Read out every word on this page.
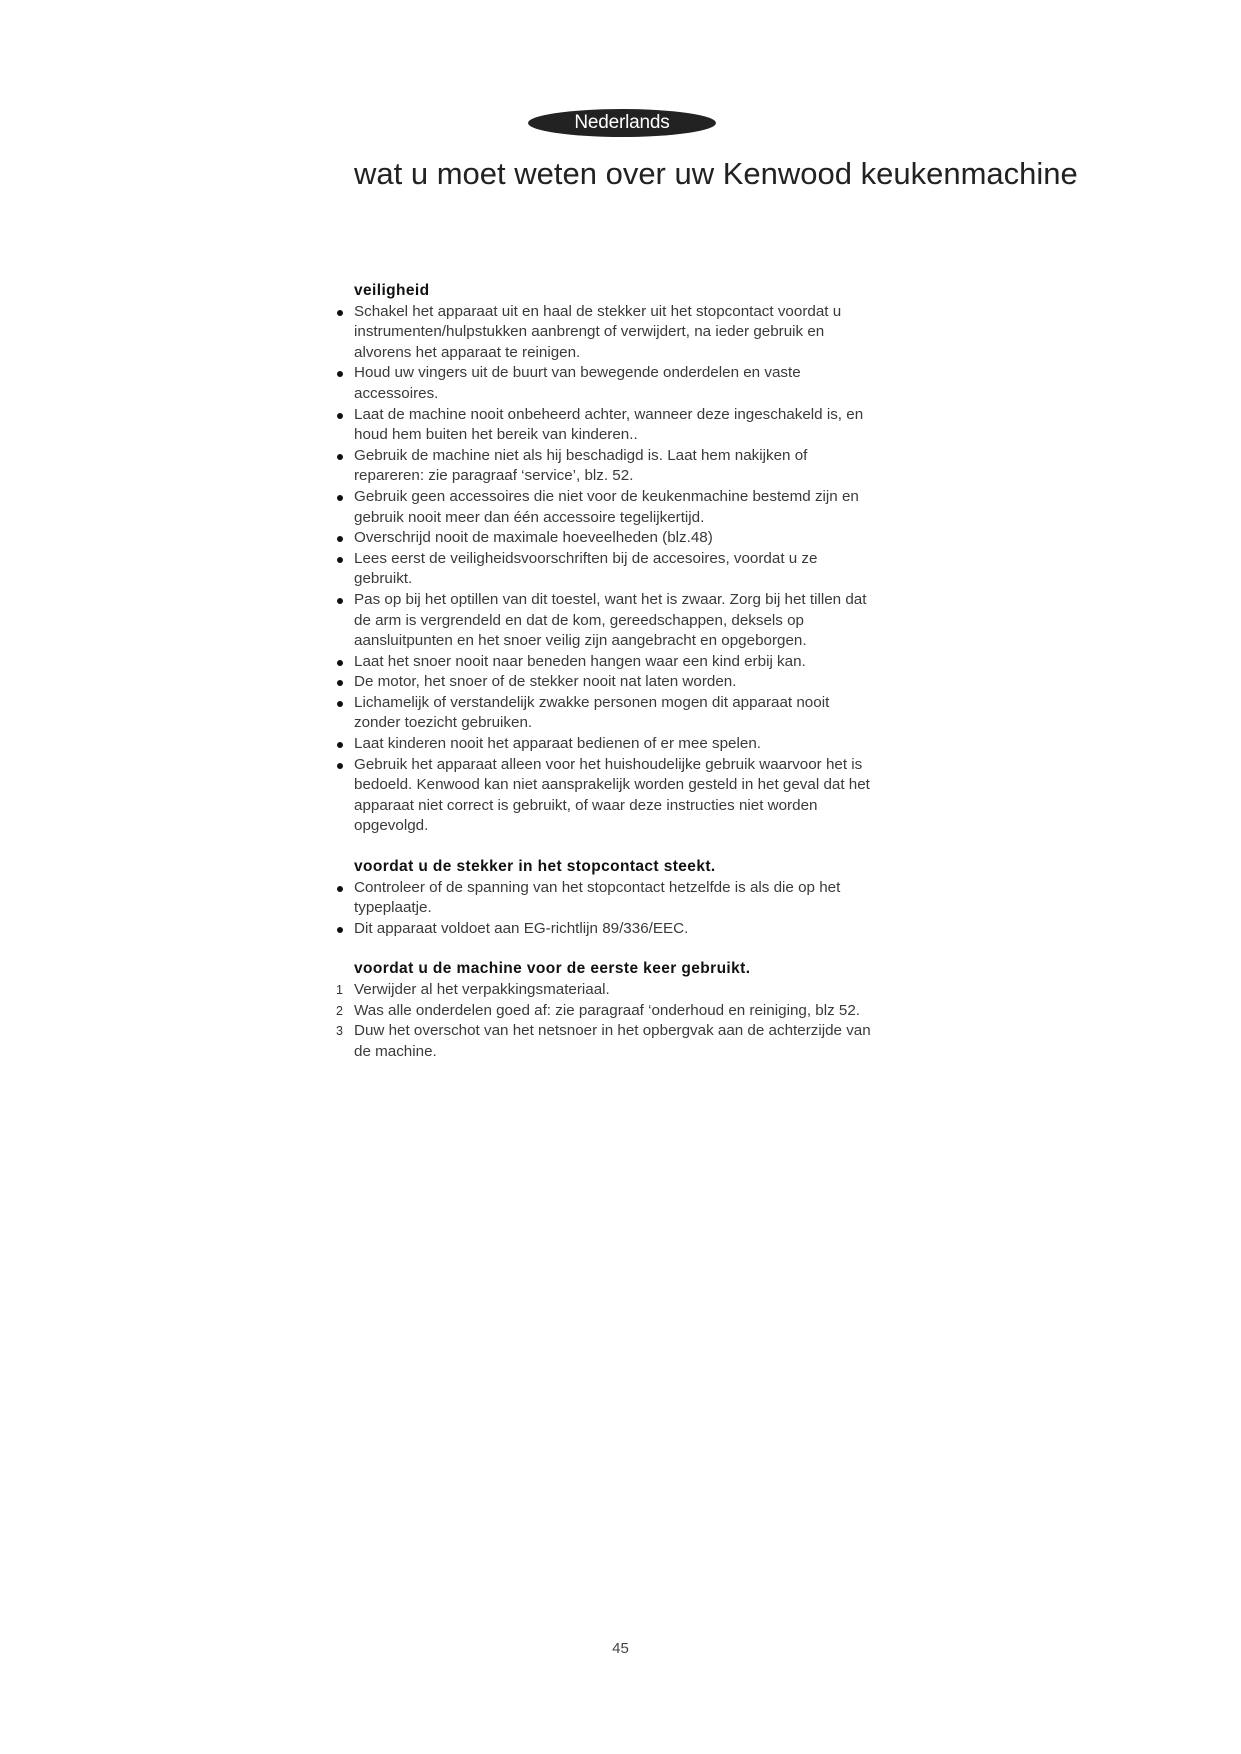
Nederlands
wat u moet weten over uw Kenwood keukenmachine
veiligheid
Schakel het apparaat uit en haal de stekker uit het stopcontact voordat u instrumenten/hulpstukken aanbrengt of verwijdert, na ieder gebruik en alvorens het apparaat te reinigen.
Houd uw vingers uit de buurt van bewegende onderdelen en vaste accessoires.
Laat de machine nooit onbeheerd achter, wanneer deze ingeschakeld is, en houd hem buiten het bereik van kinderen..
Gebruik de machine niet als hij beschadigd is. Laat hem nakijken of repareren: zie paragraaf ‘service’, blz. 52.
Gebruik geen accessoires die niet voor de keukenmachine bestemd zijn en gebruik nooit meer dan één accessoire tegelijkertijd.
Overschrijd nooit de maximale hoeveelheden (blz.48)
Lees eerst de veiligheidsvoorschriften bij de accesoires, voordat u ze gebruikt.
Pas op bij het optillen van dit toestel, want het is zwaar. Zorg bij het tillen dat de arm is vergrendeld en dat de kom, gereedschappen, deksels op aansluitpunten en het snoer veilig zijn aangebracht en opgeborgen.
Laat het snoer nooit naar beneden hangen waar een kind erbij kan.
De motor, het snoer of de stekker nooit nat laten worden.
Lichamelijk of verstandelijk zwakke personen mogen dit apparaat nooit zonder toezicht gebruiken.
Laat kinderen nooit het apparaat bedienen of er mee spelen.
Gebruik het apparaat alleen voor het huishoudelijke gebruik waarvoor het is bedoeld. Kenwood kan niet aansprakelijk worden gesteld in het geval dat het apparaat niet correct is gebruikt, of waar deze instructies niet worden opgevolgd.
voordat u de stekker in het stopcontact steekt.
Controleer of de spanning van het stopcontact hetzelfde is als die op het typeplaatje.
Dit apparaat voldoet aan EG-richtlijn 89/336/EEC.
voordat u de machine voor de eerste keer gebruikt.
1 Verwijder al het verpakkingsmateriaal.
2 Was alle onderdelen goed af: zie paragraaf ‘onderhoud en reiniging, blz 52.
3 Duw het overschot van het netsnoer in het opbergvak aan de achterzijde van de machine.
45
